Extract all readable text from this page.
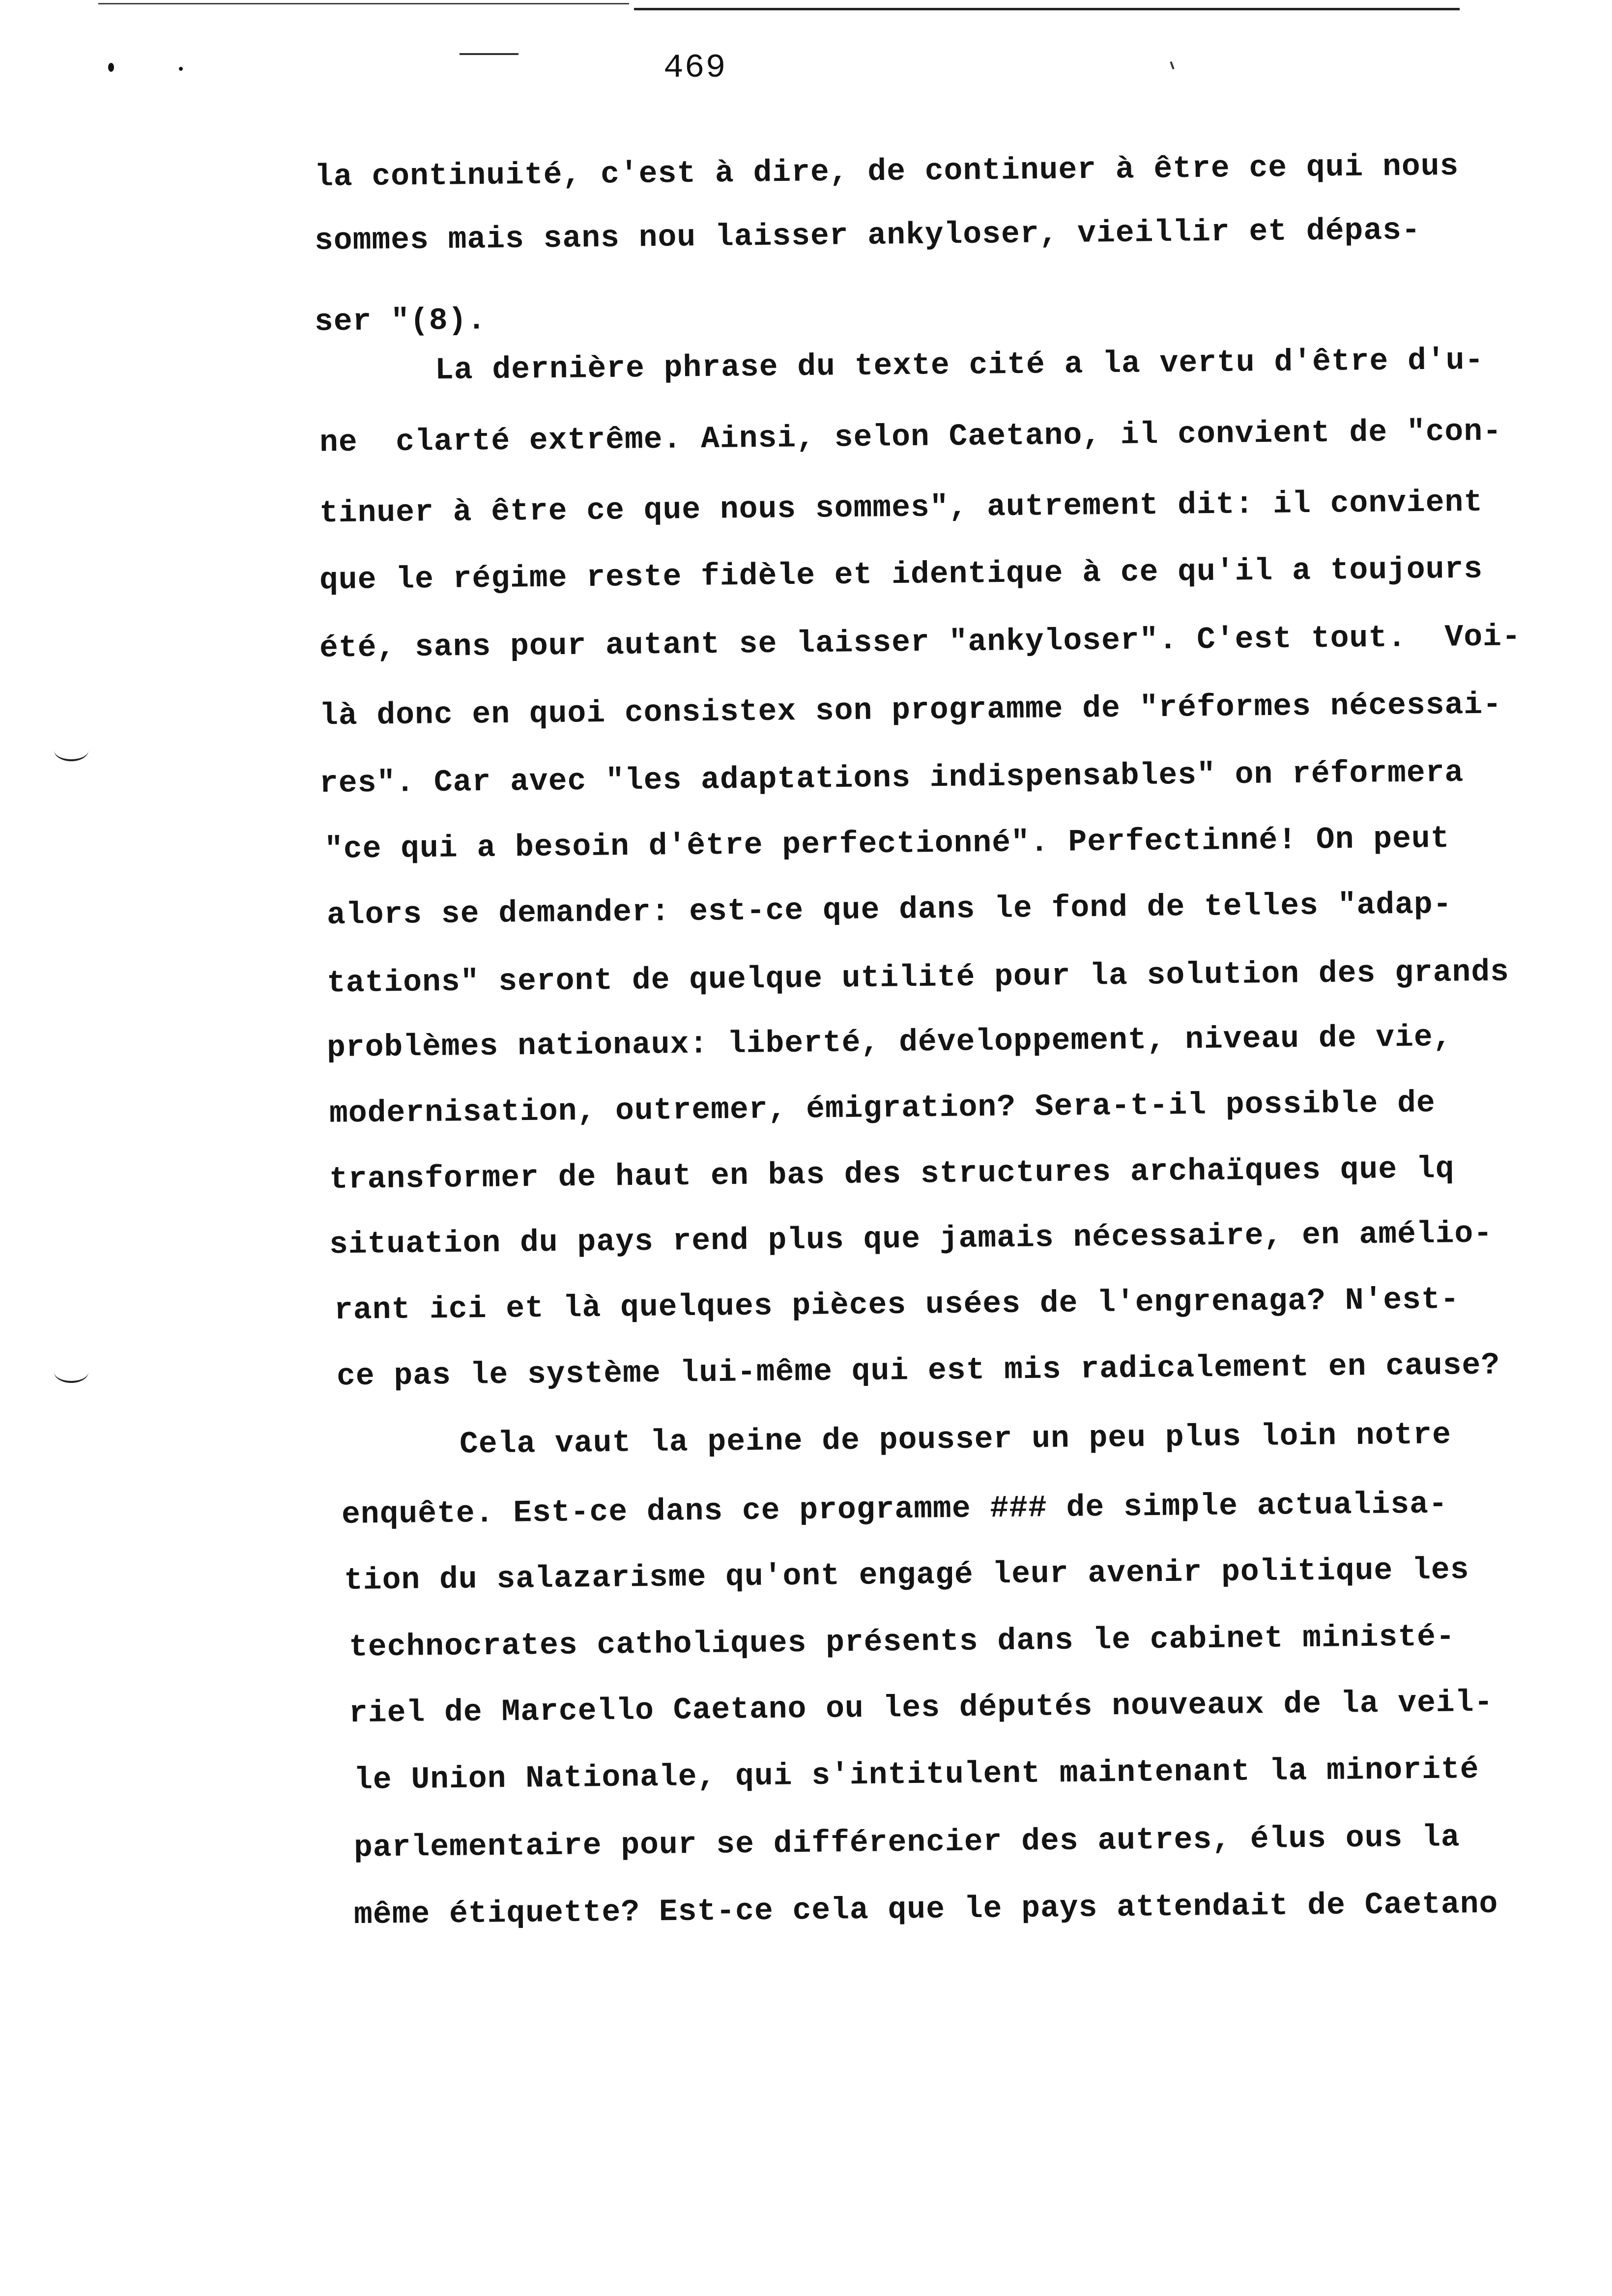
469
la continuité, c'est à dire, de continuer à être ce qui nous
sommes mais sans nou laisser ankyloser, vieillir et dépas-
ser "(8).
La dernière phrase du texte cité a la vertu d'être d'u-
ne  clarté extrême. Ainsi, selon Caetano, il convient de "con-
tinuer à être ce que nous sommes", autrement dit: il convient
que le régime reste fidèle et identique à ce qu'il a toujours
été, sans pour autant se laisser "ankyloser". C'est tout.  Voi-
là donc en quoi consistex son programme de "réformes nécessai-
res". Car avec "les adaptations indispensables" on réformera
"ce qui a besoin d'être perfectionné". Perfectinné! On peut
alors se demander: est-ce que dans le fond de telles "adap-
tations" seront de quelque utilité pour la solution des grands
problèmes nationaux: liberté, développement, niveau de vie,
modernisation, outremer, émigration? Sera-t-il possible de
transformer de haut en bas des structures archaïques que lq
situation du pays rend plus que jamais nécessaire, en amélio-
rant ici et là quelques pièces usées de l'engrenaga? N'est-
ce pas le système lui-même qui est mis radicalement en cause?
Cela vaut la peine de pousser un peu plus loin notre
enquête. Est-ce dans ce programme ### de simple actualisa-
tion du salazarisme qu'ont engagé leur avenir politique les
technocrates catholiques présents dans le cabinet ministé-
riel de Marcello Caetano ou les députés nouveaux de la veil-
le Union Nationale, qui s'intitulent maintenant la minorité
parlementaire pour se différencier des autres, élus ous la
même étiquette? Est-ce cela que le pays attendait de Caetano
